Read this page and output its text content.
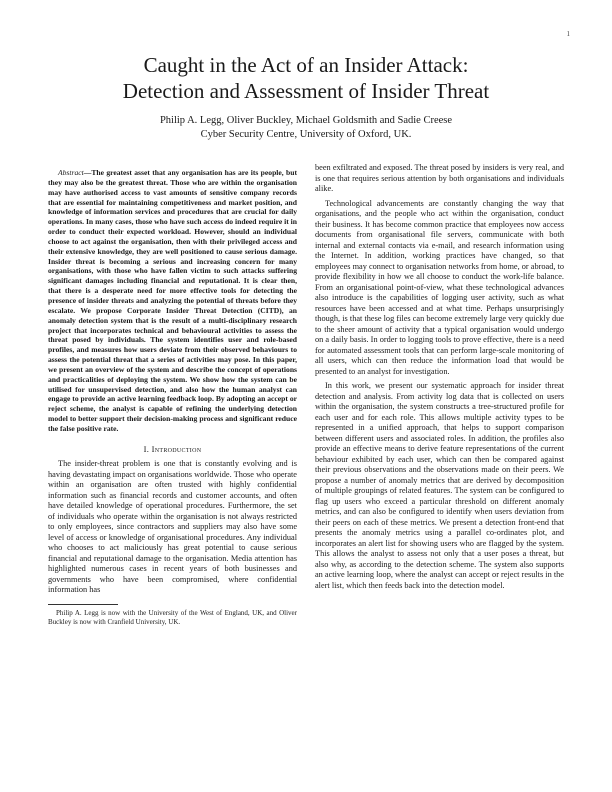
1
Caught in the Act of an Insider Attack:
Detection and Assessment of Insider Threat
Philip A. Legg, Oliver Buckley, Michael Goldsmith and Sadie Creese
Cyber Security Centre, University of Oxford, UK.

Abstract—The greatest asset that any organisation has are its people, but they may also be the greatest threat. Those who are within the organisation may have authorised access to vast amounts of sensitive company records that are essential for maintaining competitiveness and market position, and knowledge of information services and procedures that are crucial for daily operations. In many cases, those who have such access do indeed require it in order to conduct their expected workload. However, should an individual choose to act against the organisation, then with their privileged access and their extensive knowledge, they are well positioned to cause serious damage. Insider threat is becoming a serious and increasing concern for many organisations, with those who have fallen victim to such attacks suffering significant damages including financial and reputational. It is clear then, that there is a desperate need for more effective tools for detecting the presence of insider threats and analyzing the potential of threats before they escalate. We propose Corporate Insider Threat Detection (CITD), an anomaly detection system that is the result of a multi-disciplinary research project that incorporates technical and behavioural activities to assess the threat posed by individuals. The system identifies user and role-based profiles, and measures how users deviate from their observed behaviours to assess the potential threat that a series of activities may pose. In this paper, we present an overview of the system and describe the concept of operations and practicalities of deploying the system. We show how the system can be utilised for unsupervised detection, and also how the human analyst can engage to provide an active learning feedback loop. By adopting an accept or reject scheme, the analyst is capable of refining the underlying detection model to better support their decision-making process and significant reduce the false positive rate.

I. Introduction

The insider-threat problem is one that is constantly evolving and is having devastating impact on organisations worldwide. Those who operate within an organisation are often trusted with highly confidential information such as financial records and customer accounts, and often have detailed knowledge of operational procedures. Furthermore, the set of individuals who operate within the organisation is not always restricted to only employees, since contractors and suppliers may also have some level of access or knowledge of organisational procedures. Any individual who chooses to act maliciously has great potential to cause serious financial and reputational damage to the organisation. Media attention has highlighted numerous cases in recent years of both businesses and governments who have been compromised, where confidential information has

Philip A. Legg is now with the University of the West of England, UK, and Oliver Buckley is now with Cranfield University, UK.

been exfiltrated and exposed. The threat posed by insiders is very real, and is one that requires serious attention by both organisations and individuals alike.

Technological advancements are constantly changing the way that organisations, and the people who act within the organisation, conduct their business. It has become common practice that employees now access documents from organisational file servers, communicate with both internal and external contacts via e-mail, and research information using the Internet. In addition, working practices have changed, so that employees may connect to organisation networks from home, or abroad, to provide flexibility in how we all choose to conduct the work-life balance. From an organisational point-of-view, what these technological advances also introduce is the capabilities of logging user activity, such as what resources have been accessed and at what time. Perhaps unsurprisingly though, is that these log files can become extremely large very quickly due to the sheer amount of activity that a typical organisation would undergo on a daily basis. In order to logging tools to prove effective, there is a need for automated assessment tools that can perform large-scale monitoring of all users, which can then reduce the information load that would be presented to an analyst for investigation.

In this work, we present our systematic approach for insider threat detection and analysis. From activity log data that is collected on users within the organisation, the system constructs a tree-structured profile for each user and for each role. This allows multiple activity types to be represented in a unified approach, that helps to support comparison between different users and associated roles. In addition, the profiles also provide an effective means to derive feature representations of the current behaviour exhibited by each user, which can then be compared against their previous observations and the observations made on their peers. We propose a number of anomaly metrics that are derived by decomposition of multiple groupings of related features. The system can be configured to flag up users who exceed a particular threshold on different anomaly metrics, and can also be configured to identify when users deviation from their peers on each of these metrics. We present a detection front-end that presents the anomaly metrics using a parallel co-ordinates plot, and incorporates an alert list for showing users who are flagged by the system. This allows the analyst to assess not only that a user poses a threat, but also why, as according to the detection scheme. The system also supports an active learning loop, where the analyst can accept or reject results in the alert list, which then feeds back into the detection model.
